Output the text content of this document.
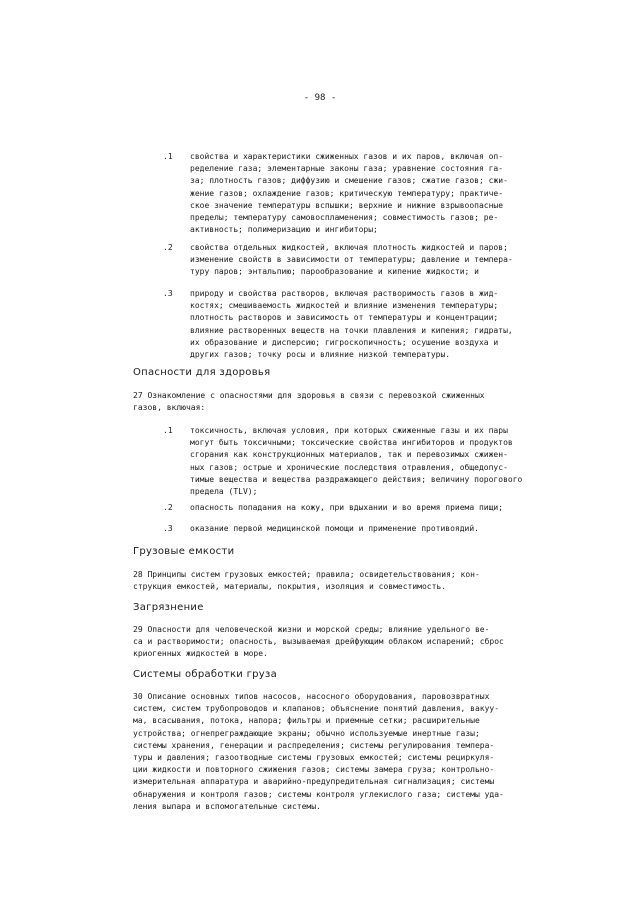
- 98 -
.1	свойства и характеристики сжиженных газов и их паров, включая оп-
ределение газа; элементарные законы газа; уравнение состояния га-
за; плотность газов; диффузию и смешение газов; сжатие газов; сжи-
жение газов; охлаждение газов; критическую температуру; практиче-
ское значение температуры вспышки; верхние и нижние взрывоопасные
пределы; температуру самовоспламенения; совместимость газов; ре-
активность; полимеризацию и ингибиторы;
.2	свойства отдельных жидкостей, включая плотность жидкостей и паров;
изменение свойств в зависимости от температуры; давление и темпера-
туру паров; энтальпию; парообразование и кипение жидкости; и
.3	природу и свойства растворов, включая растворимость газов в жид-
костях; смешиваемость жидкостей и влияние изменения температуры;
плотность растворов и зависимость от температуры и концентрации;
влияние растворенных веществ на точки плавления и кипения; гидраты,
их образование и дисперсию; гигроскопичность; осушение воздуха и
других газов; точку росы и влияние низкой температуры.
Опасности для здоровья
27 Ознакомление с опасностями для здоровья в связи с перевозкой сжиженных
газов, включая:
.1	токсичность, включая условия, при которых сжиженные газы и их пары
могут быть токсичными; токсические свойства ингибиторов и продуктов
сгорания как конструкционных материалов, так и перевозимых сжижен-
ных газов; острые и хронические последствия отравления, общедопус-
тимые вещества и вещества раздражающего действия; величину порогового
предела (TLV);
.2	опасность попадания на кожу, при вдыхании и во время приема пищи;
.3	оказание первой медицинской помощи и применение противоядий.
Грузовые емкости
28 Принципы систем грузовых емкостей; правила; освидетельствования; кон-
струкция емкостей, материалы, покрытия, изоляция и совместимость.
Загрязнение
29 Опасности для человеческой жизни и морской среды; влияние удельного ве-
са и растворимости; опасность, вызываемая дрейфующим облаком испарений; сброс
криогенных жидкостей в море.
Системы обработки груза
30 Описание основных типов насосов, насосного оборудования, паровозвратных
систем, систем трубопроводов и клапанов; объяснение понятий давления, вакуу-
ма, всасывания, потока, напора; фильтры и приемные сетки; расширительные
устройства; огнепреграждающие экраны; обычно используемые инертные газы;
системы хранения, генерации и распределения; системы регулирования темпера-
туры и давления; газоотводные системы грузовых емкостей; системы рециркуля-
ции жидкости и повторного сжижения газов; системы замера груза; контрольно-
измерительная аппаратура и аварийно-предупредительная сигнализация; системы
обнаружения и контроля газов; системы контроля углекислого газа; системы уда-
ления выпара и вспомогательные системы.
